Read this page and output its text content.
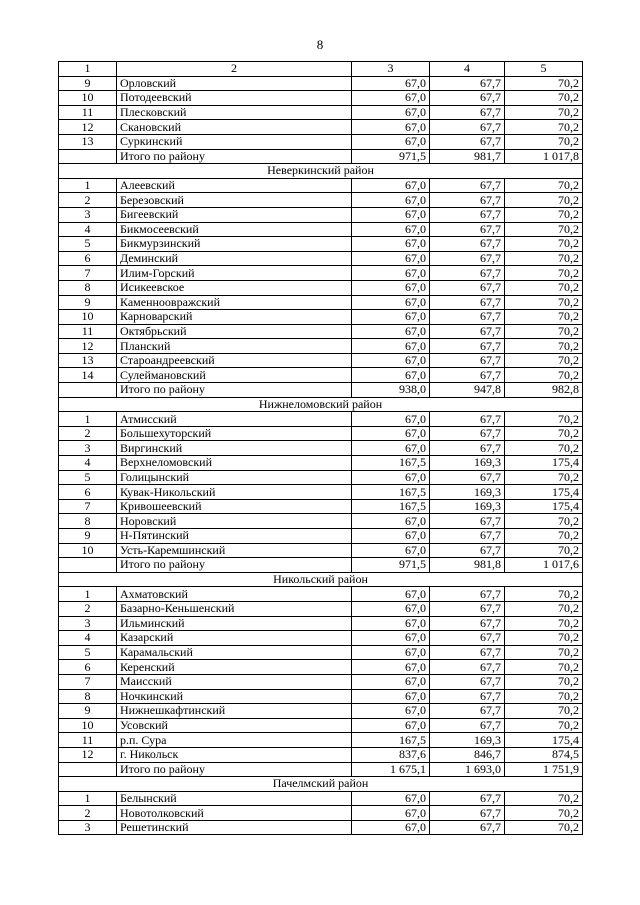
8
1	2	3	4	5
9	Орловский	67,0	67,7	70,2
10	Потодеевский	67,0	67,7	70,2
11	Плесковский	67,0	67,7	70,2
12	Скановский	67,0	67,7	70,2
13	Суркинский	67,0	67,7	70,2
	Итого по району	971,5	981,7	1 017,8
Неверкинский район				
1	Алеевский	67,0	67,7	70,2
2	Березовский	67,0	67,7	70,2
3	Бигеевский	67,0	67,7	70,2
4	Бикмосеевский	67,0	67,7	70,2
5	Бикмурзинский	67,0	67,7	70,2
6	Деминский	67,0	67,7	70,2
7	Илим-Горский	67,0	67,7	70,2
8	Исикеевское	67,0	67,7	70,2
9	Каменноовражский	67,0	67,7	70,2
10	Карноварский	67,0	67,7	70,2
11	Октябрьский	67,0	67,7	70,2
12	Планский	67,0	67,7	70,2
13	Староандреевский	67,0	67,7	70,2
14	Сулеймановский	67,0	67,7	70,2
	Итого по району	938,0	947,8	982,8
Нижнеломовский район				
1	Атмисский	67,0	67,7	70,2
2	Большехуторский	67,0	67,7	70,2
3	Виргинский	67,0	67,7	70,2
4	Верхнеломовский	167,5	169,3	175,4
5	Голицынский	67,0	67,7	70,2
6	Кувак-Никольский	167,5	169,3	175,4
7	Кривошеевский	167,5	169,3	175,4
8	Норовский	67,0	67,7	70,2
9	Н-Пятинский	67,0	67,7	70,2
10	Усть-Каремшинский	67,0	67,7	70,2
	Итого по району	971,5	981,8	1 017,6
Никольский район				
1	Ахматовский	67,0	67,7	70,2
2	Базарно-Кеньшенский	67,0	67,7	70,2
3	Ильминский	67,0	67,7	70,2
4	Казарский	67,0	67,7	70,2
5	Карамальский	67,0	67,7	70,2
6	Керенский	67,0	67,7	70,2
7	Маисский	67,0	67,7	70,2
8	Ночкинский	67,0	67,7	70,2
9	Нижнешкафтинский	67,0	67,7	70,2
10	Усовский	67,0	67,7	70,2
11	р.п. Сура	167,5	169,3	175,4
12	г. Никольск	837,6	846,7	874,5
	Итого по району	1 675,1	1 693,0	1 751,9
Пачелмский район				
1	Белынский	67,0	67,7	70,2
2	Новотолковский	67,0	67,7	70,2
3	Решетинский	67,0	67,7	70,2
